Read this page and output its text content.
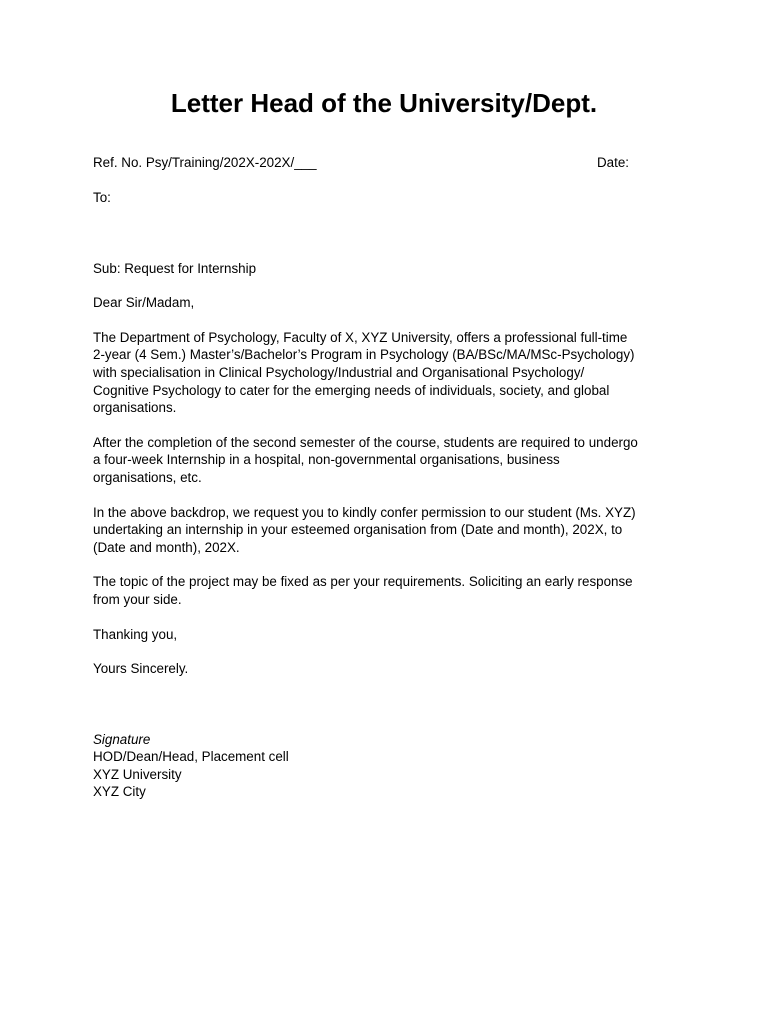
Letter Head of the University/Dept.
Ref. No. Psy/Training/202X-202X/___	Date:
To:
Sub: Request for Internship
Dear Sir/Madam,
The Department of Psychology, Faculty of X, XYZ University, offers a professional full-time
2-year (4 Sem.) Master’s/Bachelor’s Program in Psychology (BA/BSc/MA/MSc-Psychology)
with specialisation in Clinical Psychology/Industrial and Organisational Psychology/
Cognitive Psychology to cater for the emerging needs of individuals, society, and global
organisations.
After the completion of the second semester of the course, students are required to undergo
a four-week Internship in a hospital, non-governmental organisations, business
organisations, etc.
In the above backdrop, we request you to kindly confer permission to our student (Ms. XYZ)
undertaking an internship in your esteemed organisation from (Date and month), 202X, to
(Date and month), 202X.
The topic of the project may be fixed as per your requirements. Soliciting an early response
from your side.
Thanking you,
Yours Sincerely.
Signature
HOD/Dean/Head, Placement cell
XYZ University
XYZ City
